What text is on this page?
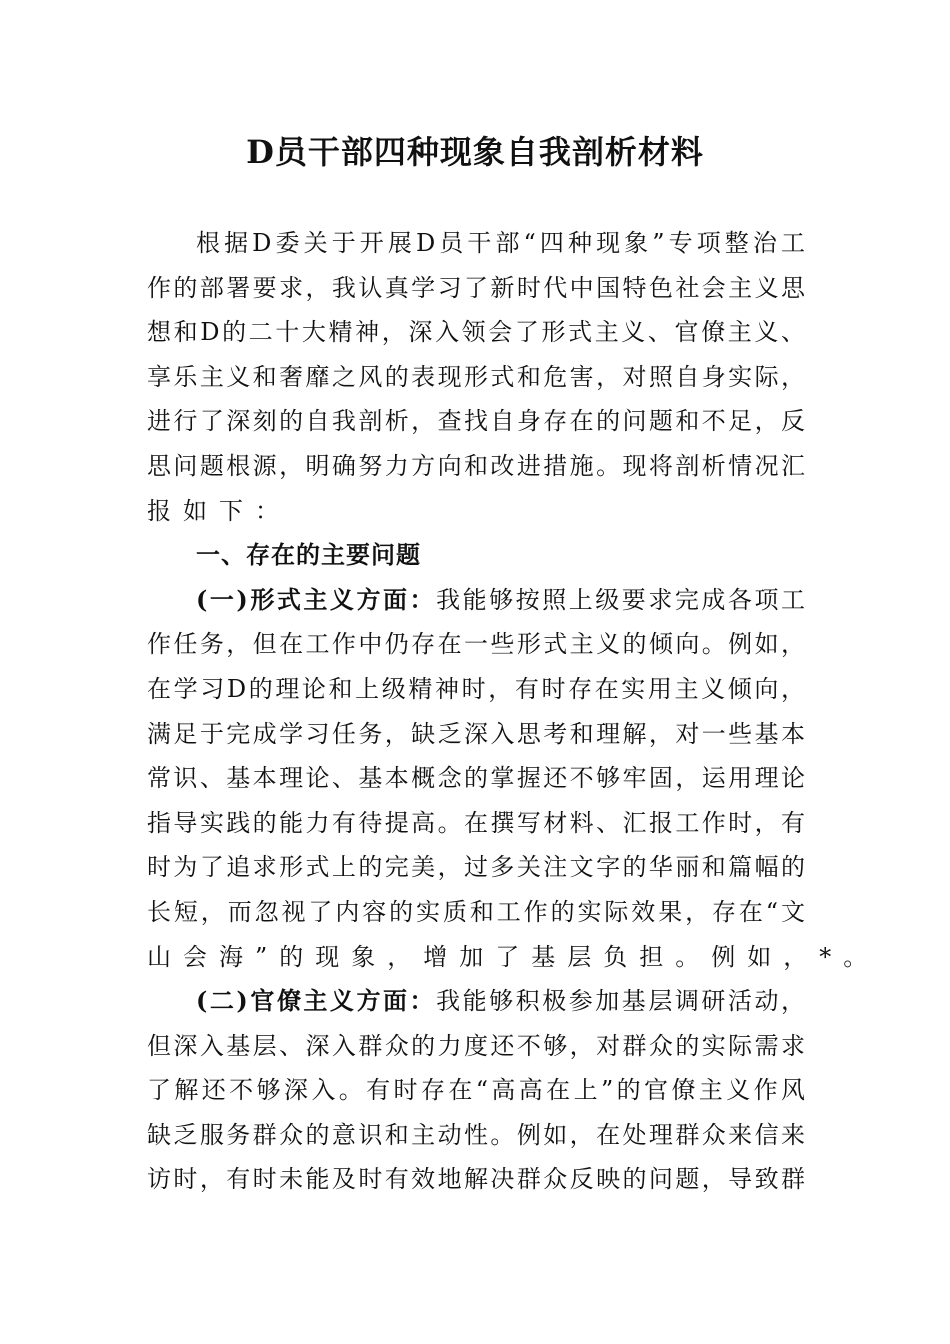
D员干部四种现象自我剖析材料
根据D委关于开展D员干部“四种现象”专项整治工
作的部署要求，我认真学习了新时代中国特色社会主义思
想和D的二十大精神，深入领会了形式主义、官僚主义、
享乐主义和奢靡之风的表现形式和危害，对照自身实际，
进行了深刻的自我剖析，查找自身存在的问题和不足，反
思问题根源，明确努力方向和改进措施。现将剖析情况汇
报如下：
一、存在的主要问题
(一)形式主义方面：我能够按照上级要求完成各项工
作任务，但在工作中仍存在一些形式主义的倾向。例如，
在学习D的理论和上级精神时，有时存在实用主义倾向，
满足于完成学习任务，缺乏深入思考和理解，对一些基本
常识、基本理论、基本概念的掌握还不够牢固，运用理论
指导实践的能力有待提高。在撰写材料、汇报工作时，有
时为了追求形式上的完美，过多关注文字的华丽和篇幅的
长短，而忽视了内容的实质和工作的实际效果，存在“文
山会海”的现象，增加了基层负担。例如，*。
(二)官僚主义方面：我能够积极参加基层调研活动，
但深入基层、深入群众的力度还不够，对群众的实际需求
了解还不够深入。有时存在“高高在上”的官僚主义作风
缺乏服务群众的意识和主动性。例如，在处理群众来信来
访时，有时未能及时有效地解决群众反映的问题，导致群
